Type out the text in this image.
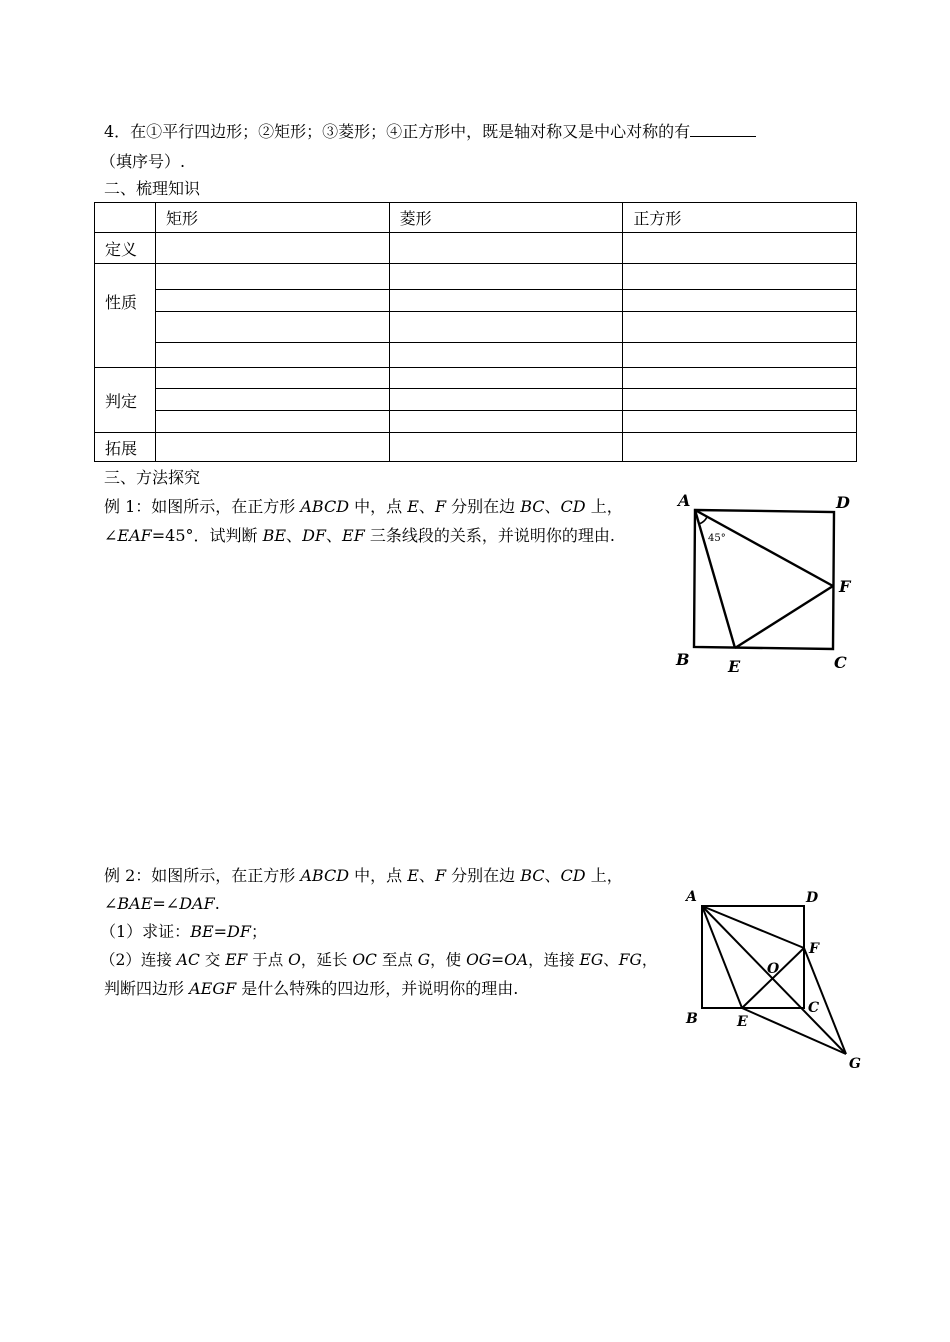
4．在①平行四边形；②矩形；③菱形；④正方形中，既是轴对称又是中心对称的有
（填序号）.
二、梳理知识
	矩形	菱形	正方形
定义			
性质			

判定			

拓展			
三、方法探究
例 1：如图所示，在正方形 ABCD 中，点 E、F 分别在边 BC、CD 上，
∠EAF=45°．试判断 BE、DF、EF 三条线段的关系，并说明你的理由.
A	D
F
B E	C
45°
例 2：如图所示，在正方形 ABCD 中，点 E、F 分别在边 BC、CD 上，
∠BAE=∠DAF.
（1）求证：BE=DF；
（2）连接 AC 交 EF 于点 O，延长 OC 至点 G，使 OG=OA，连接 EG、FG，
判断四边形 AEGF 是什么特殊的四边形，并说明你的理由.
A	D
F
O
B	E
C
G
